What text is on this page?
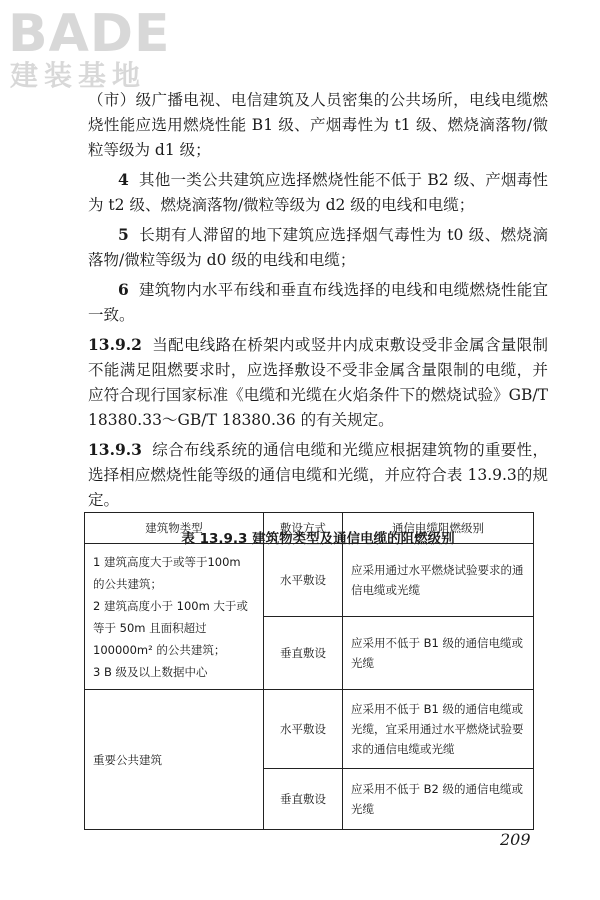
BADE
建装基地

（市）级广播电视、电信建筑及人员密集的公共场所，电线电缆燃烧性能应选用燃烧性能 B1 级、产烟毒性为 t1 级、燃烧滴落物/微粒等级为 d1 级；

4 其他一类公共建筑应选择燃烧性能不低于 B2 级、产烟毒性为 t2 级、燃烧滴落物/微粒等级为 d2 级的电线和电缆；

5 长期有人滞留的地下建筑应选择烟气毒性为 t0 级、燃烧滴落物/微粒等级为 d0 级的电线和电缆；

6 建筑物内水平布线和垂直布线选择的电线和电缆燃烧性能宜一致。

13.9.2 当配电线路在桥架内或竖井内成束敷设受非金属含量限制不能满足阻燃要求时，应选择敷设不受非金属含量限制的电缆，并应符合现行国家标准《电缆和光缆在火焰条件下的燃烧试验》GB/T 18380.33～GB/T 18380.36 的有关规定。

13.9.3 综合布线系统的通信电缆和光缆应根据建筑物的重要性，选择相应燃烧性能等级的通信电缆和光缆，并应符合表 13.9.3的规定。

表 13.9.3 建筑物类型及通信电缆的阻燃级别
建筑物类型	敷设方式	通信电缆阻燃级别

1 建筑高度大于或等于100m 的公共建筑；
2 建筑高度小于 100m 大于或等于 50m 且面积超过100000m² 的公共建筑；
3 B 级及以上数据中心	水平敷设	应采用通过水平燃烧试验要求的通信电缆或光缆
	垂直敷设	应采用不低于 B1 级的通信电缆或光缆
重要公共建筑	水平敷设	应采用不低于 B1 级的通信电缆或光缆，宜采用通过水平燃烧试验要求的通信电缆或光缆
	垂直敷设	应采用不低于 B2 级的通信电缆或光缆
209
